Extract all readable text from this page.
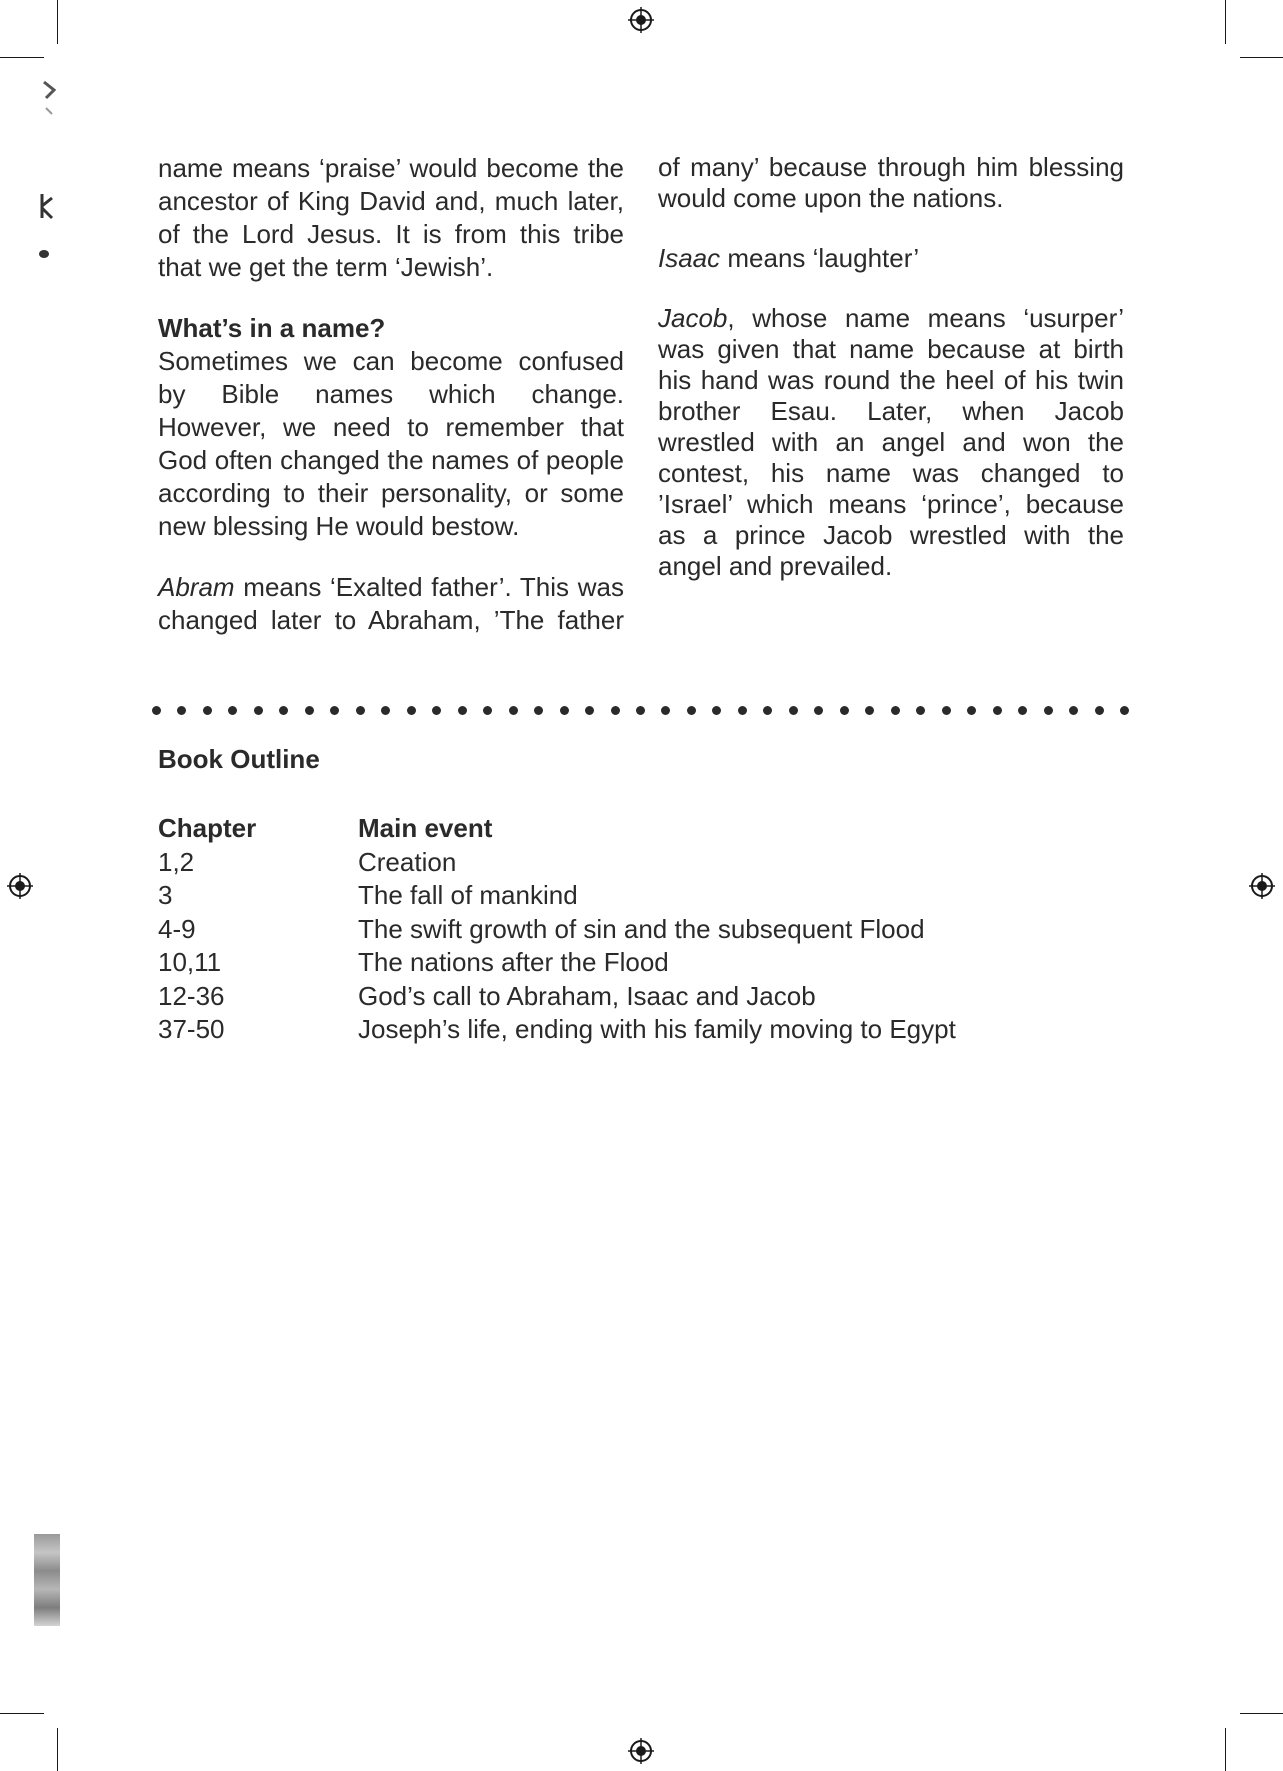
name means ‘praise’ would become the ancestor of King David and, much later, of the Lord Jesus. It is from this tribe that we get the term ‘Jewish’.

What’s in a name?
Sometimes we can become confused by Bible names which change. However, we need to remember that God often changed the names of people according to their personality, or some new blessing He would bestow.

Abram means ‘Exalted father’. This was changed later to Abraham, ’The father

of many’ because through him blessing would come upon the nations.

Isaac means ‘laughter’

Jacob, whose name means ‘usurper’ was given that name because at birth his hand was round the heel of his twin brother Esau. Later, when Jacob wrestled with an angel and won the contest, his name was changed to ’Israel’ which means ‘prince’, because as a prince Jacob wrestled with the angel and prevailed.

Book Outline
Chapter	Main event
1,2	Creation
3	The fall of mankind
4-9	The swift growth of sin and the subsequent Flood
10,11	The nations after the Flood
12-36	God’s call to Abraham, Isaac and Jacob
37-50	Joseph’s life, ending with his family moving to Egypt
